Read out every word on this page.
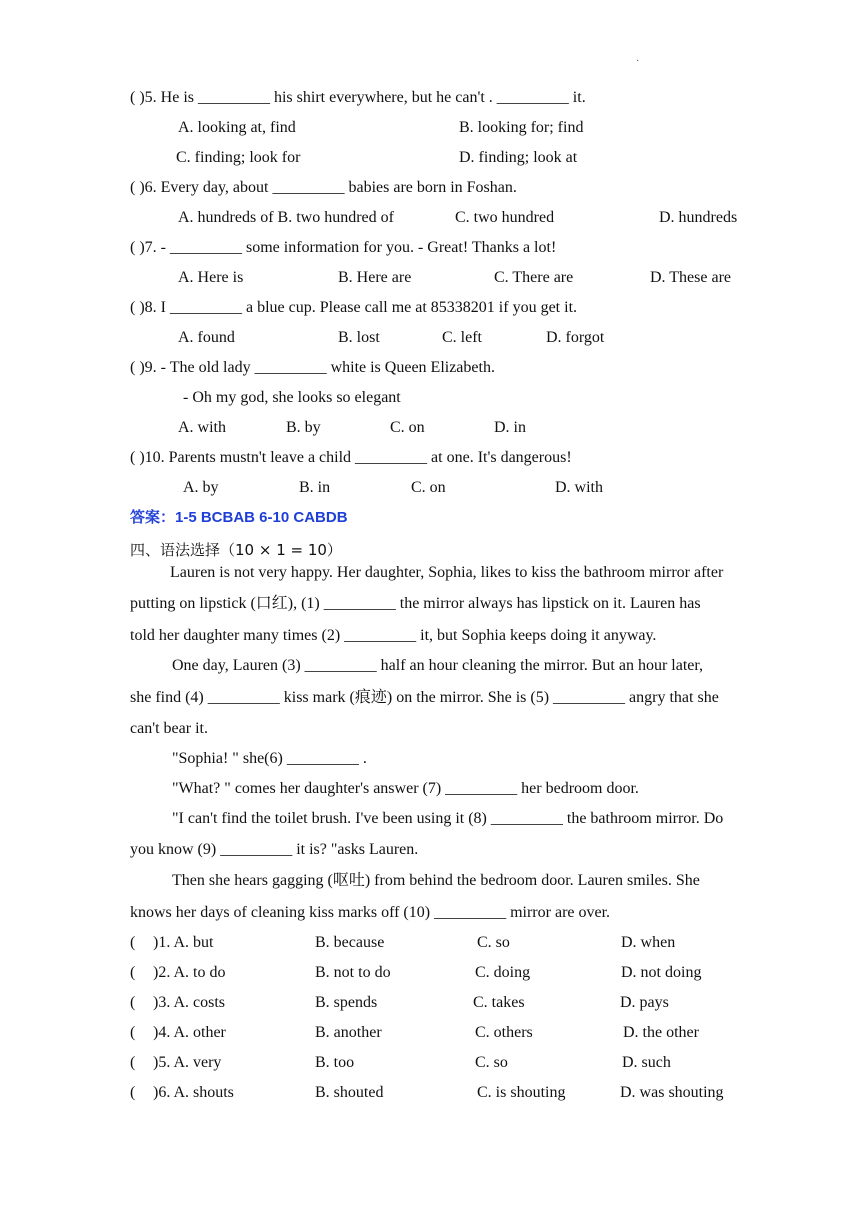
·
( )5. He is _________ his shirt everywhere, but he can't . _________ it.
A. looking at, find	B. looking for; find
C. finding; look for	D. finding; look at
( )6. Every day, about _________ babies are born in Foshan.
A. hundreds of B. two hundred of	C. two hundred	D. hundreds
( )7. - _________ some information for you. - Great! Thanks a lot!
A. Here is	B. Here are	C. There are	D. These are
( )8. I _________ a blue cup. Please call me at 85338201 if you get it.
A. found	B. lost	C. left	D. forgot
( )9. - The old lady _________ white is Queen Elizabeth.
- Oh my god, she looks so elegant
A. with	B. by	C. on	D. in
( )10. Parents mustn't leave a child _________ at one. It's dangerous!
A. by	B. in	C. on	D. with
答案：1-5 BCBAB 6-10 CABDB
四、语法选择（10 × 1 = 10）
Lauren is not very happy. Her daughter, Sophia, likes to kiss the bathroom mirror after
putting on lipstick (口红), (1) _________ the mirror always has lipstick on it. Lauren has
told her daughter many times (2) _________ it, but Sophia keeps doing it anyway.
One day, Lauren (3) _________ half an hour cleaning the mirror. But an hour later,
she find (4) _________ kiss mark (痕迹) on the mirror. She is (5) _________ angry that she
can't bear it.
"Sophia! " she(6) _________ .
"What? " comes her daughter's answer (7) _________ her bedroom door.
"I can't find the toilet brush. I've been using it (8) _________ the bathroom mirror. Do
you know (9) _________ it is? "asks Lauren.
Then she hears gagging (呕吐) from behind the bedroom door. Lauren smiles. She
knows her days of cleaning kiss marks off (10) _________ mirror are over.
( )1. A. but	B. because	C. so	D. when
( )2. A. to do	B. not to do	C. doing	D. not doing
( )3. A. costs	B. spends	C. takes	D. pays
( )4. A. other	B. another	C. others	D. the other
( )5. A. very	B. too	C. so	D. such
( )6. A. shouts	B. shouted	C. is shouting	D. was shouting
